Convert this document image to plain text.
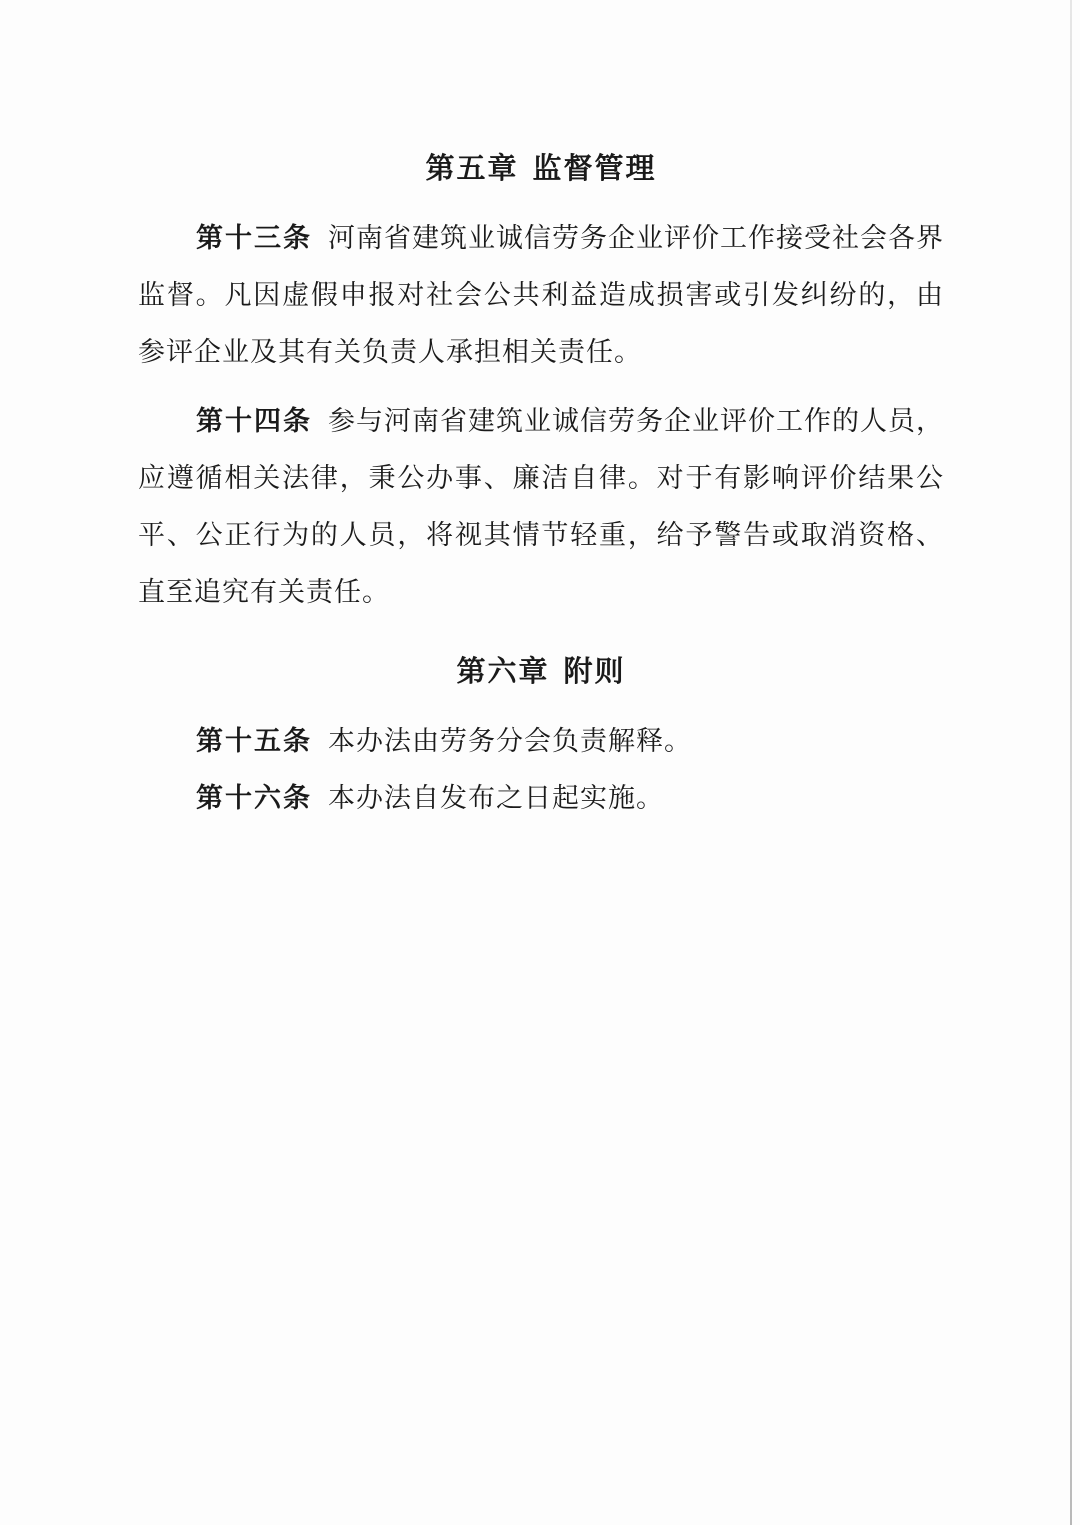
第五章 监督管理

第十三条 河南省建筑业诚信劳务企业评价工作接受社会各界监督。凡因虚假申报对社会公共利益造成损害或引发纠纷的，由参评企业及其有关负责人承担相关责任。

第十四条 参与河南省建筑业诚信劳务企业评价工作的人员，应遵循相关法律，秉公办事、廉洁自律。对于有影响评价结果公平、公正行为的人员，将视其情节轻重，给予警告或取消资格、直至追究有关责任。

第六章 附则

第十五条 本办法由劳务分会负责解释。

第十六条 本办法自发布之日起实施。
